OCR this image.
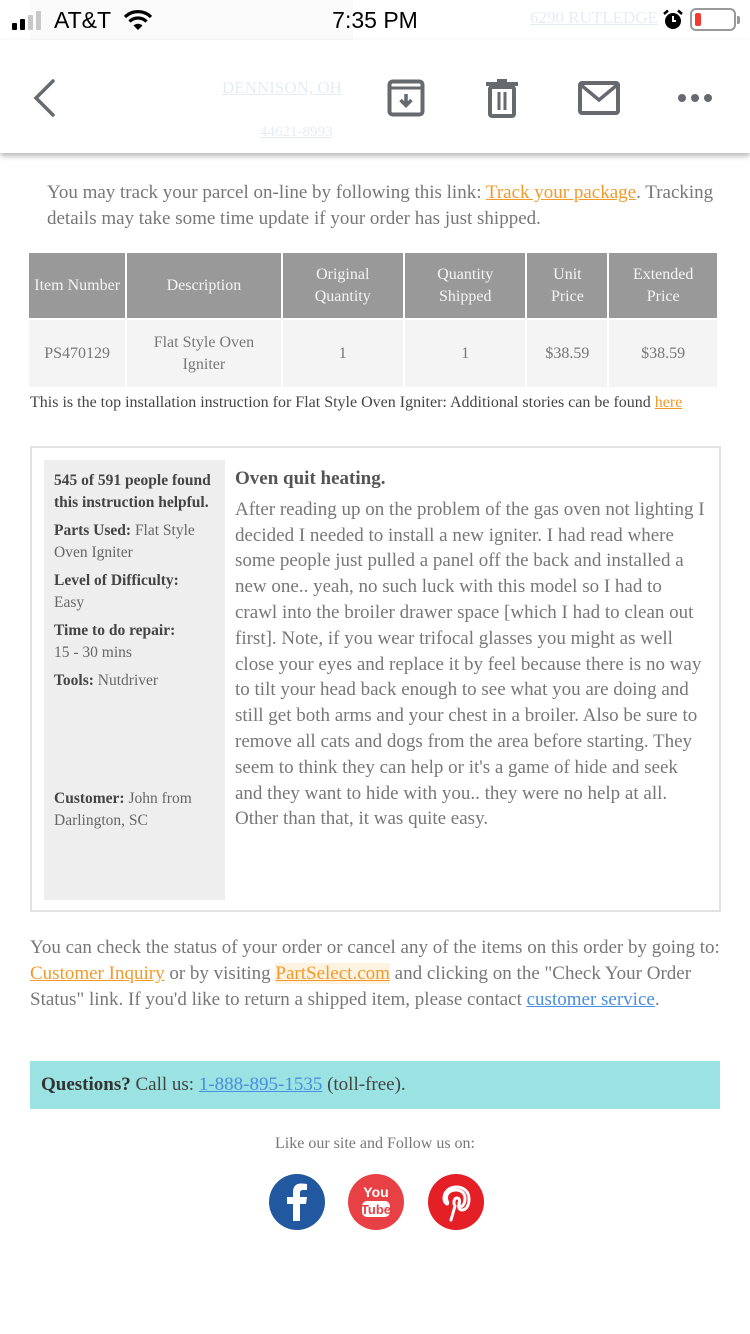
6290 RUTLEDGE
AT&T	7:35 PM
DENNISON, OH
44621-8993

You may track your parcel on-line by following this link: Track your package. Tracking details may take some time update if your order has just shipped.

Item Number	Description	Original Quantity	Quantity Shipped	Unit Price	Extended Price
PS470129	Flat Style Oven Igniter	1	1	$38.59	$38.59

This is the top installation instruction for Flat Style Oven Igniter: Additional stories can be found here

545 of 591 people found this instruction helpful.
Parts Used: Flat Style Oven Igniter
Level of Difficulty:
Easy
Time to do repair:
15 - 30 mins
Tools: Nutdriver
Customer: John from Darlington, SC
Oven quit heating.
After reading up on the problem of the gas oven not lighting I decided I needed to install a new igniter. I had read where some people just pulled a panel off the back and installed a new one.. yeah, no such luck with this model so I had to crawl into the broiler drawer space [which I had to clean out first]. Note, if you wear trifocal glasses you might as well close your eyes and replace it by feel because there is no way to tilt your head back enough to see what you are doing and still get both arms and your chest in a broiler. Also be sure to remove all cats and dogs from the area before starting. They seem to think they can help or it's a game of hide and seek and they want to hide with you.. they were no help at all.
Other than that, it was quite easy.

You can check the status of your order or cancel any of the items on this order by going to: Customer Inquiry or by visiting PartSelect.com and clicking on the "Check Your Order Status" link. If you'd like to return a shipped item, please contact customer service.

Questions? Call us: 1-888-895-1535 (toll-free).
Like our site and Follow us on:
You
Tube
